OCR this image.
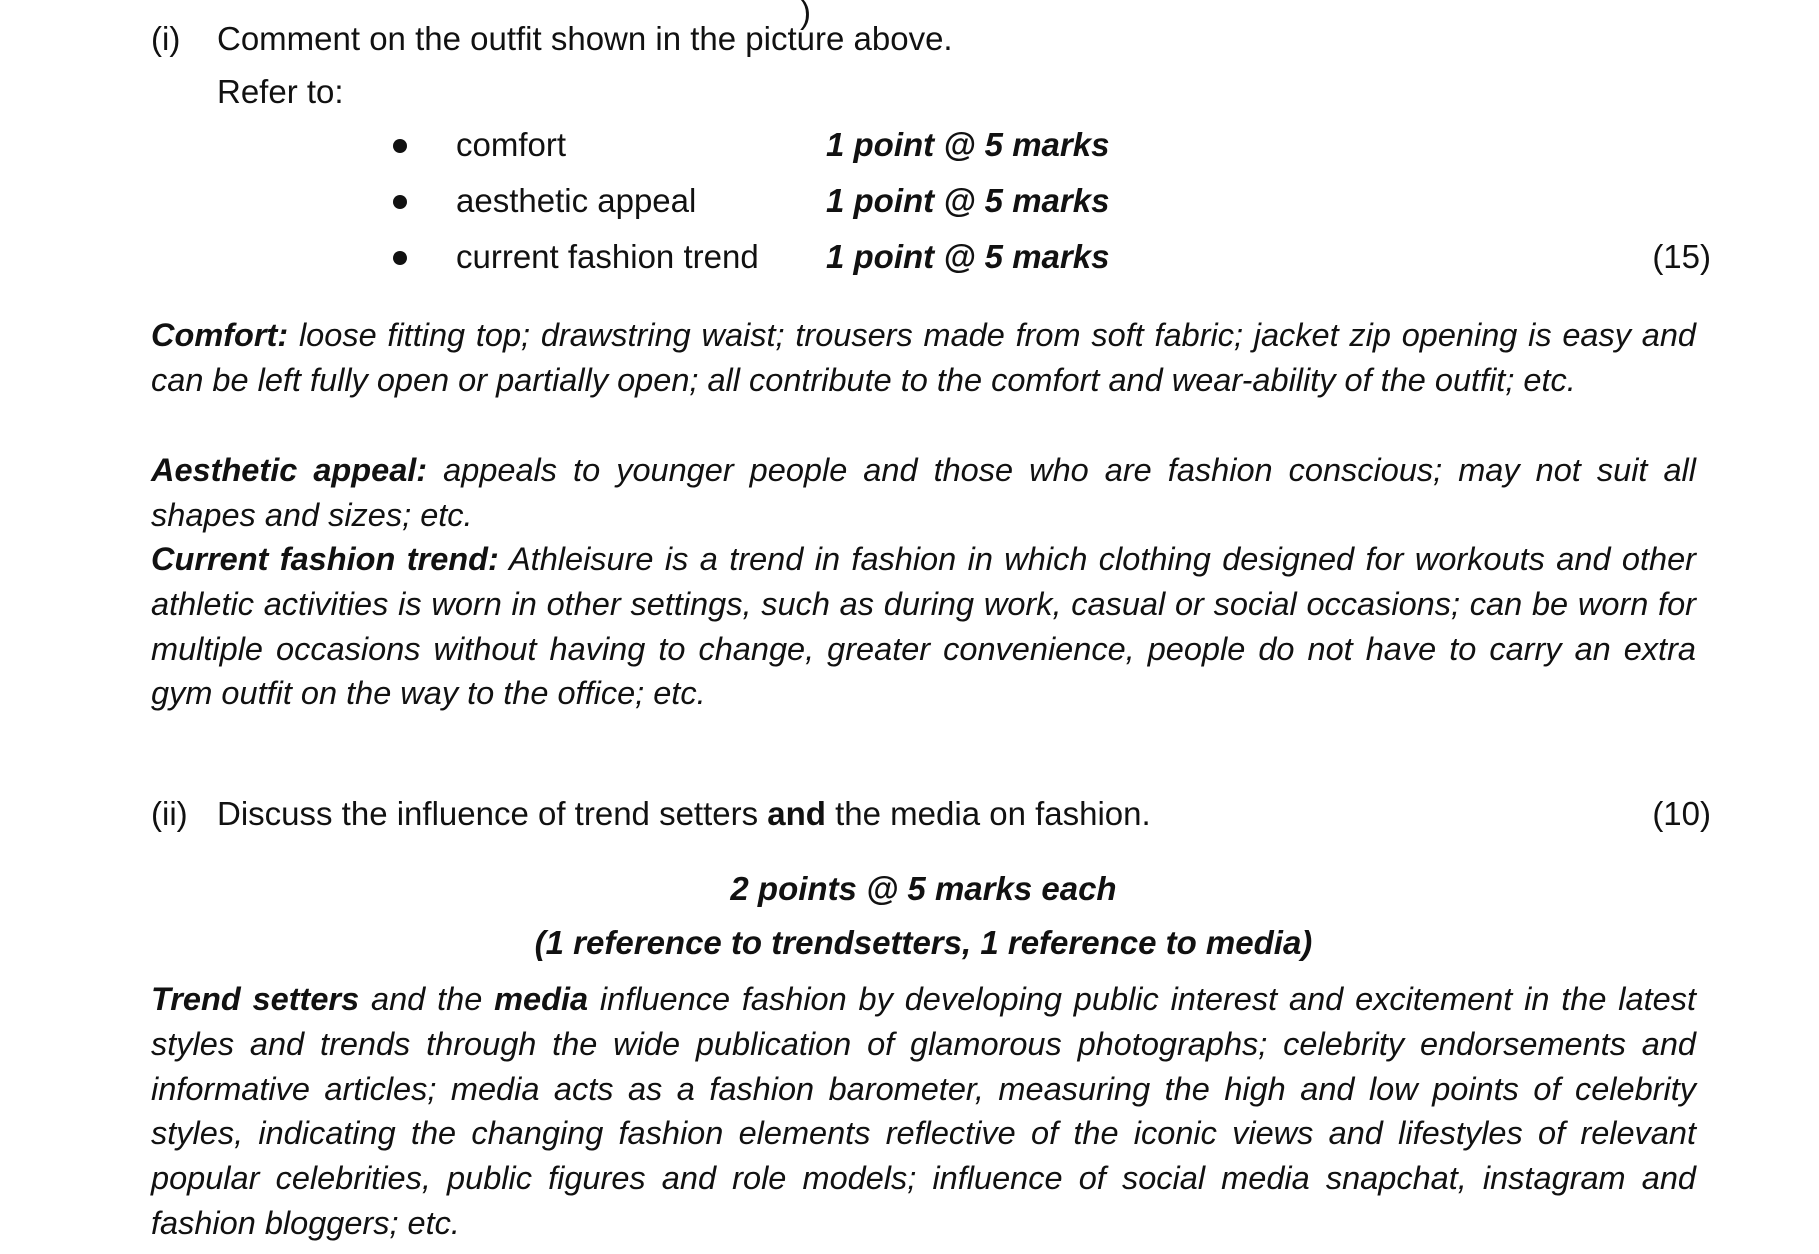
)
(i) Comment on the outfit shown in the picture above.
Refer to:
comfort	1 point @ 5 marks
aesthetic appeal	1 point @ 5 marks
current fashion trend 1 point @ 5 marks	(15)
Comfort: loose fitting top; drawstring waist; trousers made from soft fabric; jacket zip opening is easy and can be left fully open or partially open; all contribute to the comfort and wear-ability of the outfit; etc.
Aesthetic appeal: appeals to younger people and those who are fashion conscious; may not suit all shapes and sizes; etc.
Current fashion trend: Athleisure is a trend in fashion in which clothing designed for workouts and other athletic activities is worn in other settings, such as during work, casual or social occasions; can be worn for multiple occasions without having to change, greater convenience, people do not have to carry an extra gym outfit on the way to the office; etc.
(ii) Discuss the influence of trend setters and the media on fashion.	(10)
2 points @ 5 marks each
(1 reference to trendsetters, 1 reference to media)
Trend setters and the media influence fashion by developing public interest and excitement in the latest styles and trends through the wide publication of glamorous photographs; celebrity endorsements and informative articles; media acts as a fashion barometer, measuring the high and low points of celebrity styles, indicating the changing fashion elements reflective of the iconic views and lifestyles of relevant popular celebrities, public figures and role models; influence of social media snapchat, instagram and fashion bloggers; etc.
